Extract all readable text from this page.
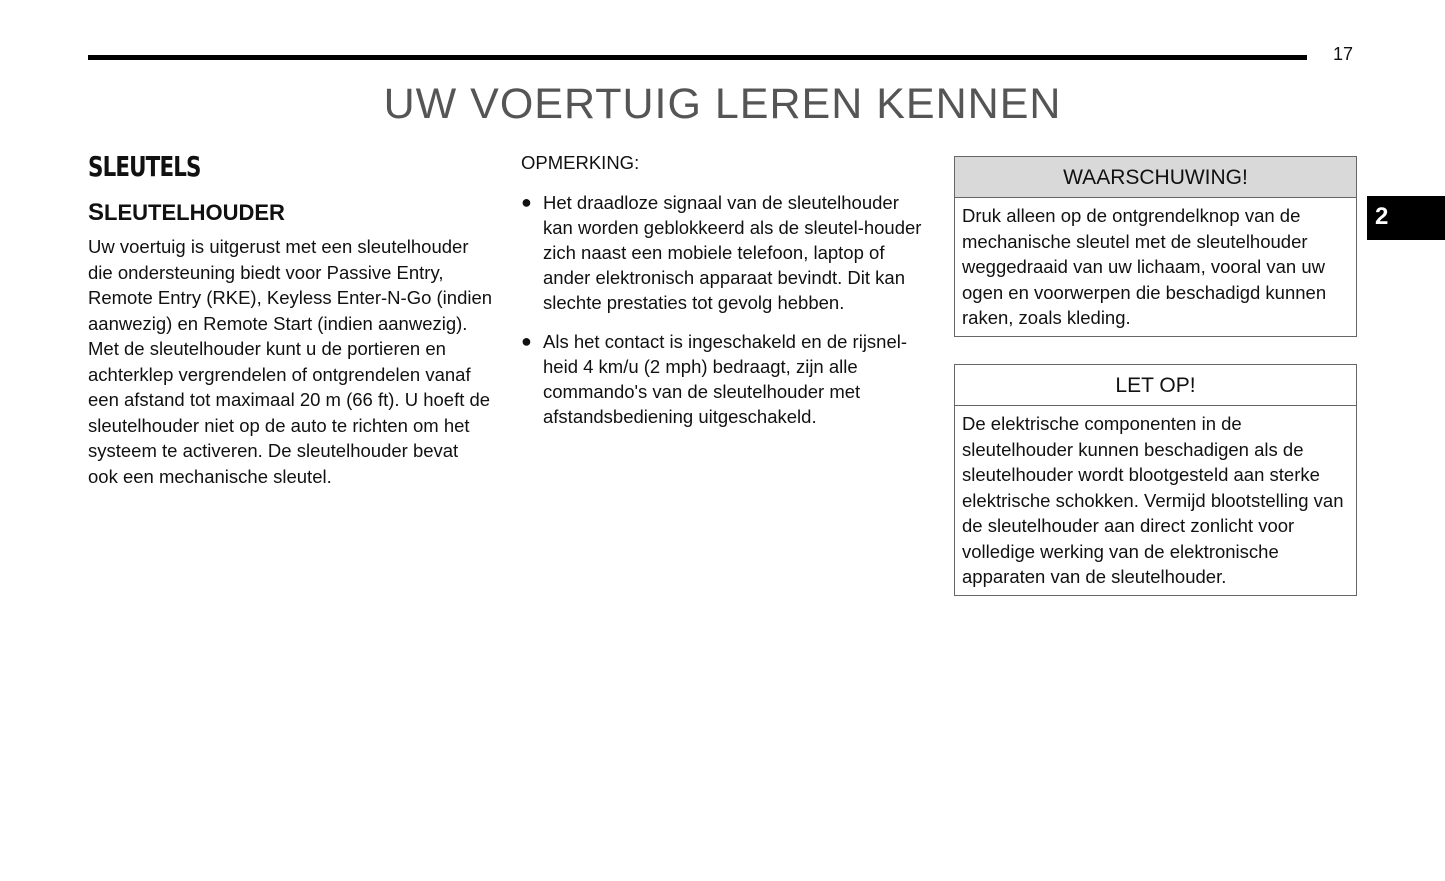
17
UW VOERTUIG LEREN KENNEN
2
SLEUTELS
SLEUTELHOUDER

Uw voertuig is uitgerust met een sleutelhouder die ondersteuning biedt voor Passive Entry, Remote Entry (RKE), Keyless Enter-N-Go (indien aanwezig) en Remote Start (indien aanwezig). Met de sleutelhouder kunt u de portieren en achterklep vergrendelen of ontgrendelen vanaf een afstand tot maximaal 20 m (66 ft). U hoeft de sleutelhouder niet op de auto te richten om het systeem te activeren. De sleutelhouder bevat ook een mechanische sleutel.

OPMERKING:

● Het draadloze signaal van de sleutelhouder kan worden geblokkeerd als de sleutel-houder zich naast een mobiele telefoon, laptop of ander elektronisch apparaat bevindt. Dit kan slechte prestaties tot gevolg hebben.
● Als het contact is ingeschakeld en de rijsnel-heid 4 km/u (2 mph) bedraagt, zijn alle commando's van de sleutelhouder met afstandsbediening uitgeschakeld.
WAARSCHUWING!
Druk alleen op de ontgrendelknop van de mechanische sleutel met de sleutelhouder weggedraaid van uw lichaam, vooral van uw ogen en voorwerpen die beschadigd kunnen raken, zoals kleding.
LET OP!
De elektrische componenten in de sleutelhouder kunnen beschadigen als de sleutelhouder wordt blootgesteld aan sterke elektrische schokken. Vermijd blootstelling van de sleutelhouder aan direct zonlicht voor volledige werking van de elektronische apparaten van de sleutelhouder.
